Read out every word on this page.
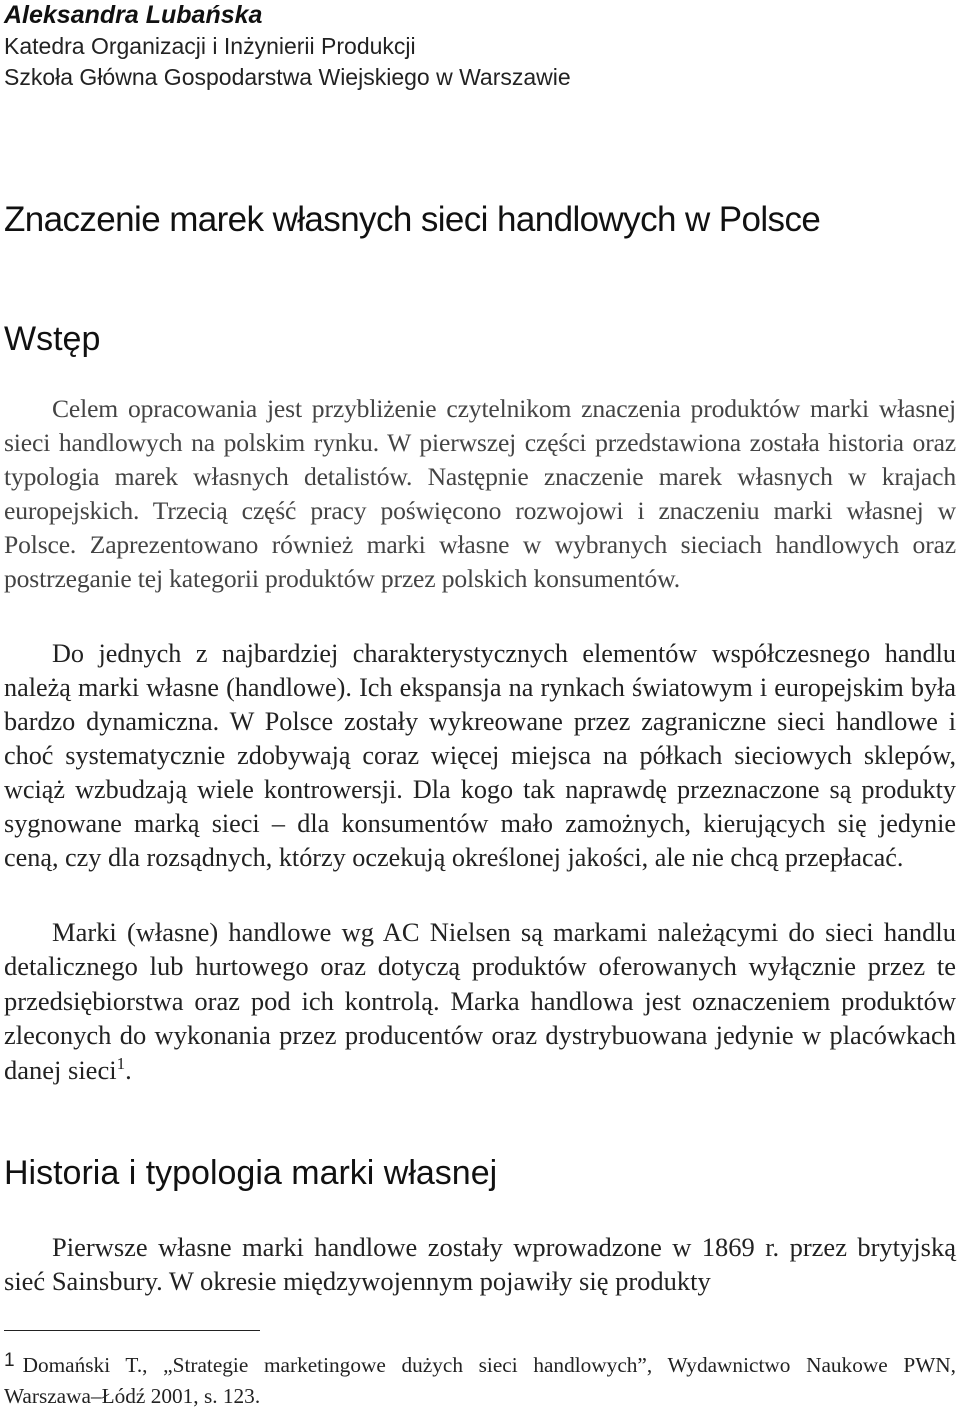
Aleksandra Lubańska
Katedra Organizacji i Inżynierii Produkcji
Szkoła Główna Gospodarstwa Wiejskiego w Warszawie
Znaczenie marek własnych sieci handlowych w Polsce
Wstęp
Celem opracowania jest przybliżenie czytelnikom znaczenia produktów marki własnej sieci handlowych na polskim rynku. W pierwszej części przedstawiona została historia oraz typologia marek własnych detalistów. Następnie znaczenie marek własnych w krajach europejskich. Trzecią część pracy poświęcono rozwojowi i znaczeniu marki własnej w Polsce. Zaprezentowano również marki własne w wybranych sieciach handlowych oraz postrzeganie tej kategorii produktów przez polskich konsumentów.
Do jednych z najbardziej charakterystycznych elementów współczesnego handlu należą marki własne (handlowe). Ich ekspansja na rynkach światowym i europejskim była bardzo dynamiczna. W Polsce zostały wykreowane przez zagraniczne sieci handlowe i choć systematycznie zdobywają coraz więcej miejsca na półkach sieciowych sklepów, wciąż wzbudzają wiele kontrowersji. Dla kogo tak naprawdę przeznaczone są produkty sygnowane marką sieci – dla konsumentów mało zamożnych, kierujących się jedynie ceną, czy dla rozsądnych, którzy oczekują określonej jakości, ale nie chcą przepłacać.
Marki (własne) handlowe wg AC Nielsen są markami należącymi do sieci handlu detalicznego lub hurtowego oraz dotyczą produktów oferowanych wyłącznie przez te przedsiębiorstwa oraz pod ich kontrolą. Marka handlowa jest oznaczeniem produktów zleconych do wykonania przez producentów oraz dystrybuowana jedynie w placówkach danej sieci$^1$.
Historia i typologia marki własnej
Pierwsze własne marki handlowe zostały wprowadzone w 1869 r. przez brytyjską sieć Sainsbury. W okresie międzywojennym pojawiły się produkty
1 Domański T., „Strategie marketingowe dużych sieci handlowych”, Wydawnictwo Naukowe PWN, Warszawa–Łódź 2001, s. 123.
